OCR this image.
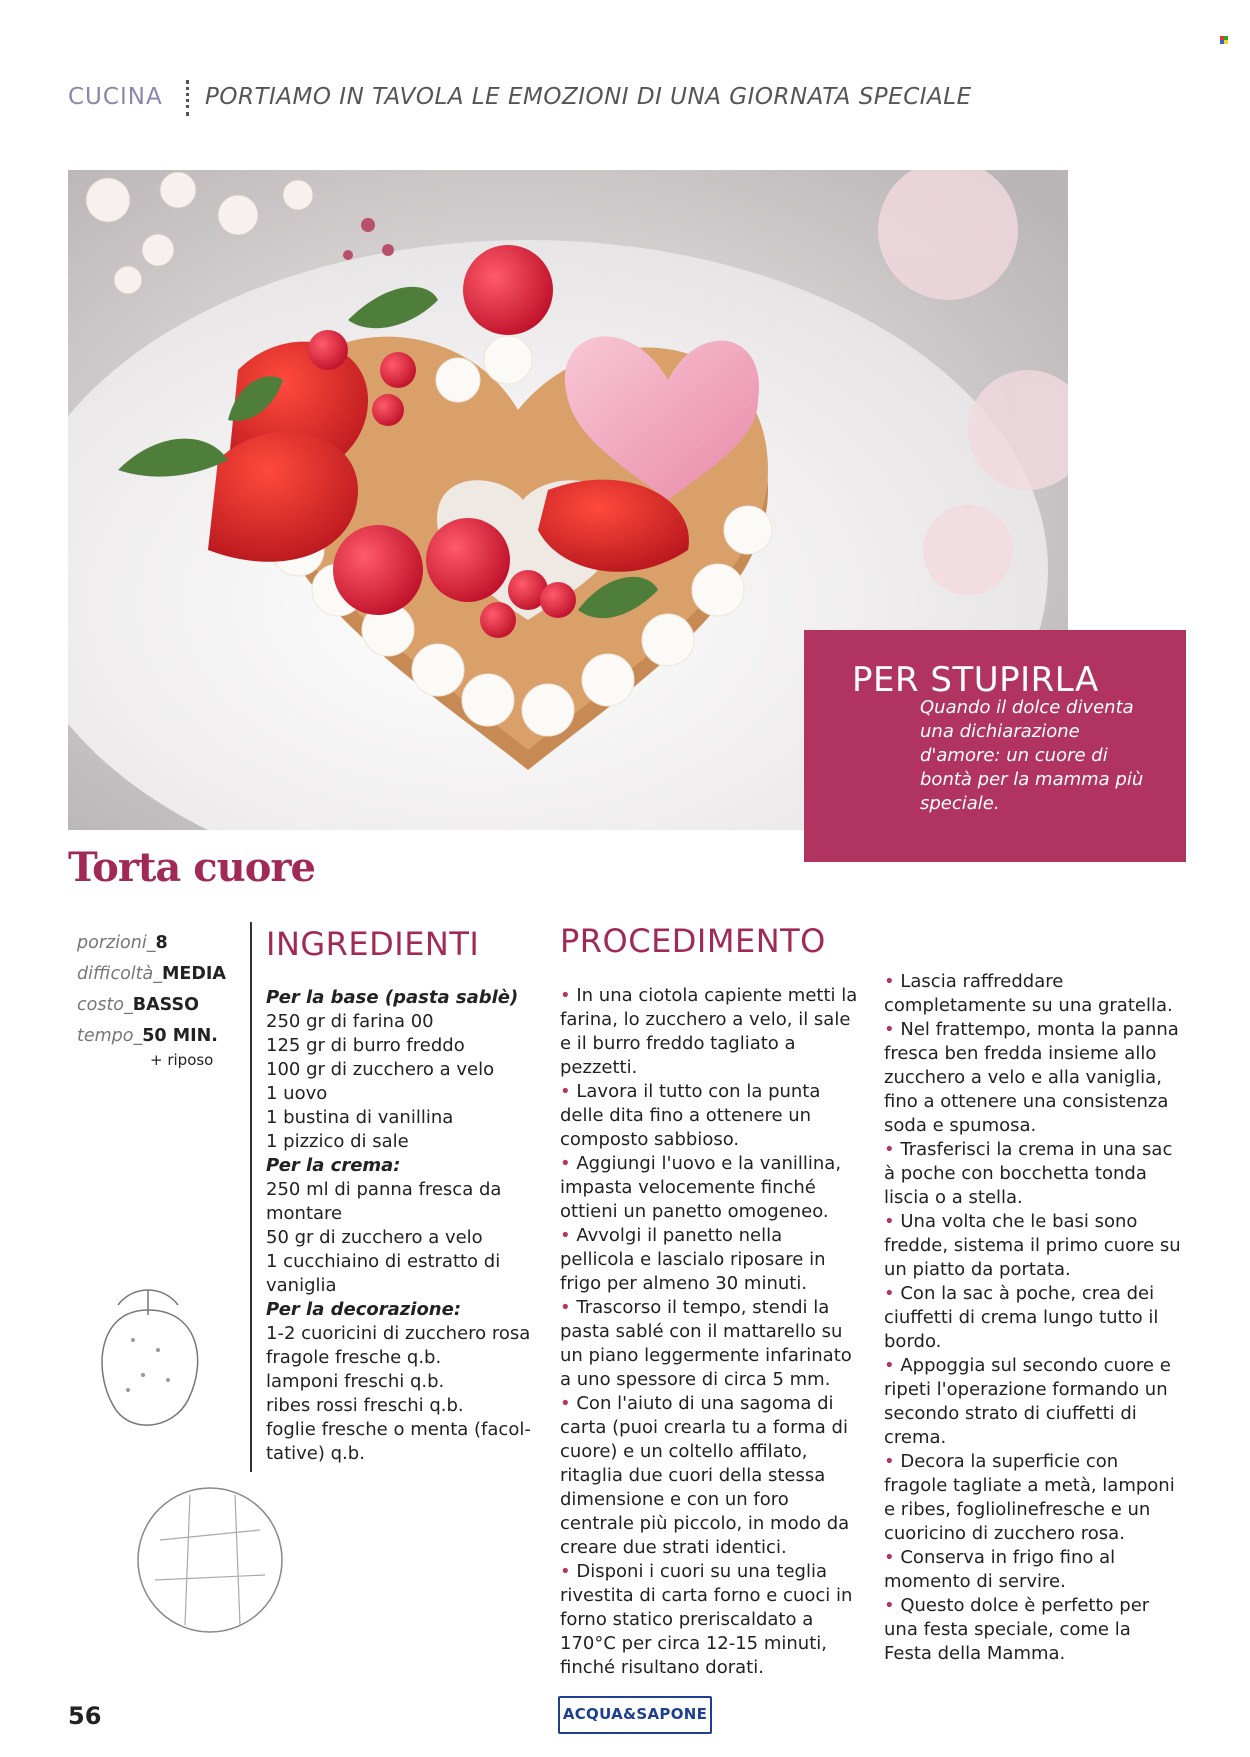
CUCINA PORTIAMO IN TAVOLA LE EMOZIONI DI UNA GIORNATA SPECIALE
PER STUPIRLA

Quando il dolce diventa una dichiarazione d'amore: un cuore di bontà per la mamma più speciale.

Torta cuore
porzioni_8
difficoltà_MEDIA
costo_BASSO
tempo_50 MIN.
+ riposo
INGREDIENTI
Per la base (pasta sablè)
250 gr di farina 00
125 gr di burro freddo
100 gr di zucchero a velo
1 uovo
1 bustina di vanillina
1 pizzico di sale
Per la crema:
250 ml di panna fresca da montare
50 gr di zucchero a velo
1 cucchiaino di estratto di vaniglia
Per la decorazione:
1-2 cuoricini di zucchero rosa
fragole fresche q.b.
lamponi freschi q.b.
ribes rossi freschi q.b.
foglie fresche o menta (facol-tative) q.b.
PROCEDIMENTO

• In una ciotola capiente metti la farina, lo zucchero a velo, il sale e il burro freddo tagliato a pezzetti.

• Lavora il tutto con la punta delle dita fino a ottenere un composto sabbioso.

• Aggiungi l'uovo e la vanillina, impasta velocemente finché ottieni un panetto omogeneo.

• Avvolgi il panetto nella pellicola e lascialo riposare in frigo per almeno 30 minuti.

• Trascorso il tempo, stendi la pasta sablé con il mattarello su un piano leggermente infarinato a uno spessore di circa 5 mm.

• Con l'aiuto di una sagoma di carta (puoi crearla tu a forma di cuore) e un coltello affilato, ritaglia due cuori della stessa dimensione e con un foro centrale più piccolo, in modo da creare due strati identici.

• Disponi i cuori su una teglia rivestita di carta forno e cuoci in forno statico preriscaldato a 170°C per circa 12-15 minuti, finché risultano dorati.

• Lascia raffreddare completamente su una gratella.

• Nel frattempo, monta la panna fresca ben fredda insieme allo zucchero a velo e alla vaniglia, fino a ottenere una consistenza soda e spumosa.

• Trasferisci la crema in una sac à poche con bocchetta tonda liscia o a stella.

• Una volta che le basi sono fredde, sistema il primo cuore su un piatto da portata.

• Con la sac à poche, crea dei ciuffetti di crema lungo tutto il bordo.

• Appoggia sul secondo cuore e ripeti l'operazione formando un secondo strato di ciuffetti di crema.

• Decora la superficie con fragole tagliate a metà, lamponi e ribes, fogliolinefresche e un cuoricino di zucchero rosa.

• Conserva in frigo fino al momento di servire.

• Questo dolce è perfetto per una festa speciale, come la Festa della Mamma.

56	ACQUA&SAPONE
